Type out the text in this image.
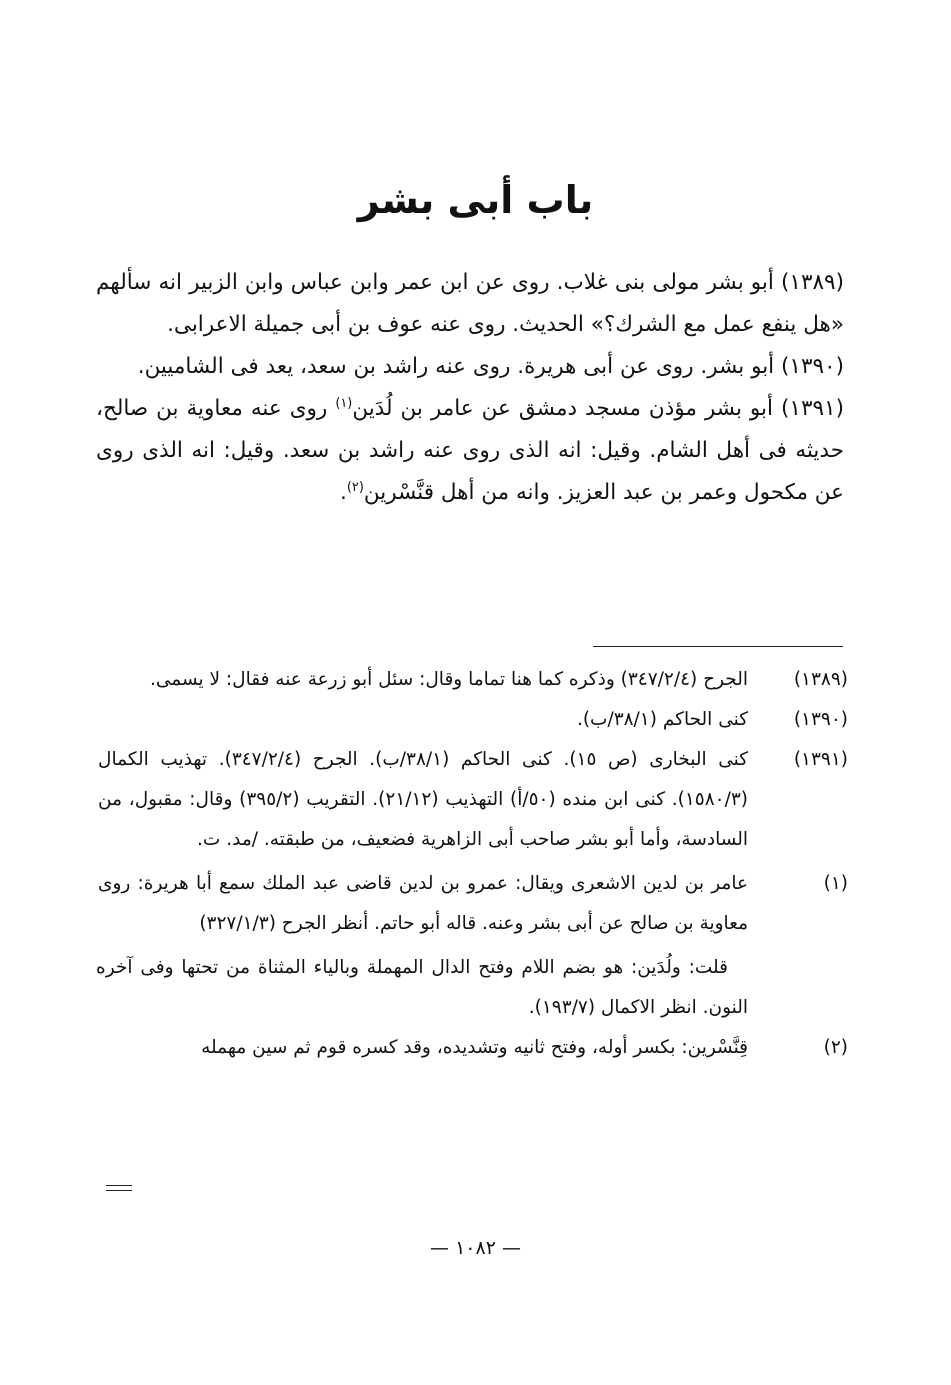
باب أبى بشر

(١٣٨٩) أبو بشر مولى بنى غلاب. روى عن ابن عمر وابن عباس وابن الزبير انه سألهم «هل ينفع عمل مع الشرك؟» الحديث. روى عنه عوف بن أبى جميلة الاعرابى.

(١٣٩٠) أبو بشر. روى عن أبى هريرة. روى عنه راشد بن سعد، يعد فى الشاميين.

(١٣٩١) أبو بشر مؤذن مسجد دمشق عن عامر بن لُدَين$^{(١)}$ روى عنه معاوية بن صالح، حديثه فى أهل الشام. وقيل: انه الذى روى عنه راشد بن سعد. وقيل: انه الذى روى عن مكحول وعمر بن عبد العزيز. وانه من أهل قنَّسْرين$^{(٢)}$.

(١٣٨٩)
الجرح (٣٤٧/٢/٤) وذكره كما هنا تماما وقال: سئل أبو زرعة عنه فقال: لا يسمى.
(١٣٩٠)
كنى الحاكم (٣٨/١/ب).
(١٣٩١)
كنى البخارى (ص ١٥). كنى الحاكم (٣٨/١/ب). الجرح (٣٤٧/٢/٤). تهذيب الكمال (١٥٨٠/٣). كنى ابن منده (٥٠/أ) التهذيب (٢١/١٢). التقريب (٣٩٥/٢) وقال: مقبول، من السادسة، وأما أبو بشر صاحب أبى الزاهرية فضعيف، من طبقته. /مد. ت.
(١)
عامر بن لدين الاشعرى ويقال: عمرو بن لدين قاضى عبد الملك سمع أبا هريرة: روى معاوية بن صالح عن أبى بشر وعنه. قاله أبو حاتم. أنظر الجرح (٣٢٧/١/٣)

قلت: ولُدَين: هو بضم اللام وفتح الدال المهملة وبالياء المثناة من تحتها وفى آخره النون. انظر الاكمال (١٩٣/٧).

(٢)
قِنَّسْرين: بكسر أوله، وفتح ثانيه وتشديده، وقد كسره قوم ثم سين مهمله
— ١٠٨٢ —
